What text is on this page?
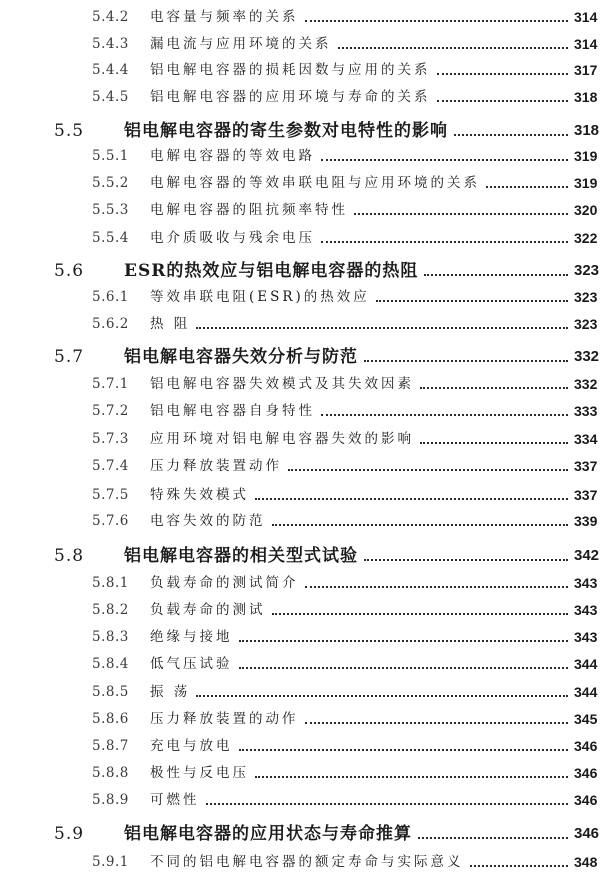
5.4.2	电容量与频率的关系	314
5.4.3	漏电流与应用环境的关系	314
5.4.4	铝电解电容器的损耗因数与应用的关系	317
5.4.5	铝电解电容器的应用环境与寿命的关系	318
5.5	铝电解电容器的寄生参数对电特性的影响	318
5.5.1	电解电容器的等效电路	319
5.5.2	电解电容器的等效串联电阻与应用环境的关系	319
5.5.3	电解电容器的阻抗频率特性	320
5.5.4	电介质吸收与残余电压	322
5.6	ESR的热效应与铝电解电容器的热阻	323
5.6.1	等效串联电阻(ESR)的热效应	323
5.6.2	热 阻	323
5.7	铝电解电容器失效分析与防范	332
5.7.1	铝电解电容器失效模式及其失效因素	332
5.7.2	铝电解电容器自身特性	333
5.7.3	应用环境对铝电解电容器失效的影响	334
5.7.4	压力释放装置动作	337
5.7.5	特殊失效模式	337
5.7.6	电容失效的防范	339
5.8	铝电解电容器的相关型式试验	342
5.8.1	负载寿命的测试简介	343
5.8.2	负载寿命的测试	343
5.8.3	绝缘与接地	343
5.8.4	低气压试验	344
5.8.5	振 荡	344
5.8.6	压力释放装置的动作	345
5.8.7	充电与放电	346
5.8.8	极性与反电压	346
5.8.9	可燃性	346
5.9	铝电解电容器的应用状态与寿命推算	346
5.9.1	不同的铝电解电容器的额定寿命与实际意义	348
